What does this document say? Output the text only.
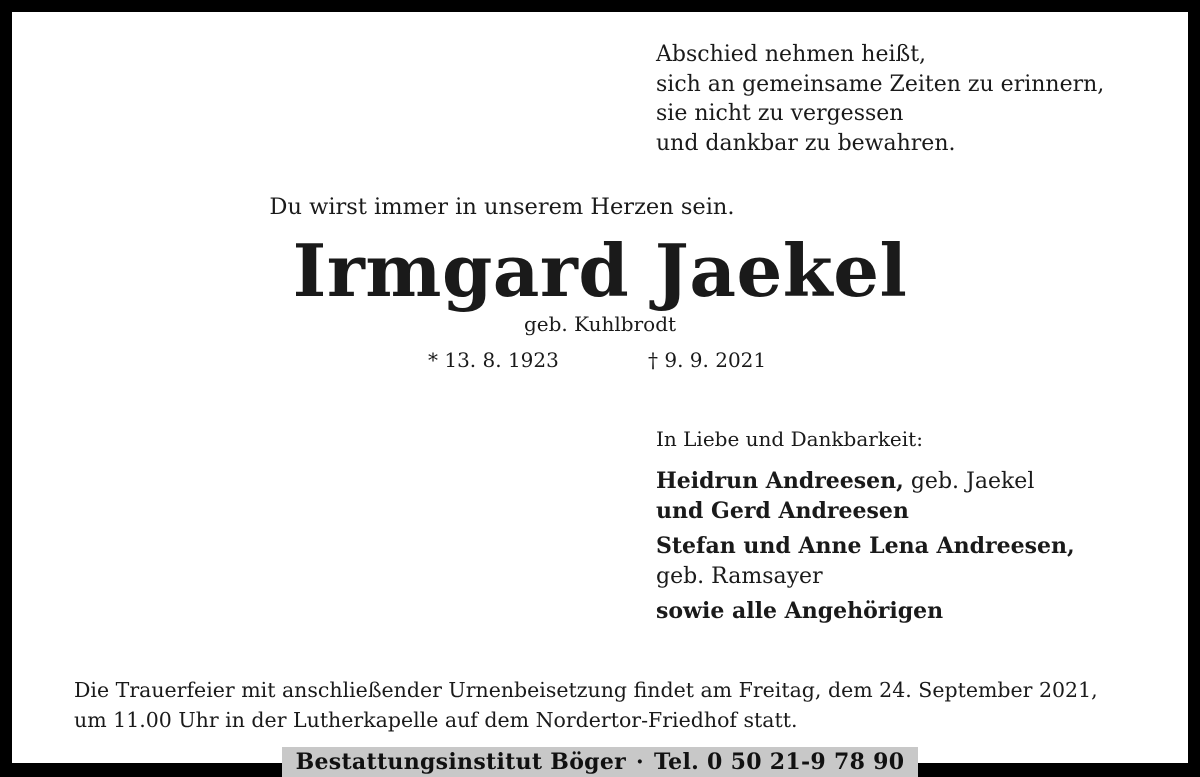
Abschied nehmen heißt,
sich an gemeinsame Zeiten zu erinnern,
sie nicht zu vergessen
und dankbar zu bewahren.
Du wirst immer in unserem Herzen sein.
Irmgard Jaekel
geb. Kuhlbrodt
* 13. 8. 1923	† 9. 9. 2021
In Liebe und Dankbarkeit:
Heidrun Andreesen, geb. Jaekel
und Gerd Andreesen
Stefan und Anne Lena Andreesen,
geb. Ramsayer
sowie alle Angehörigen
Die Trauerfeier mit anschließender Urnenbeisetzung findet am Freitag, dem 24. September 2021,
um 11.00 Uhr in der Lutherkapelle auf dem Nordertor-Friedhof statt.
Bestattungsinstitut Böger · Tel. 0 50 21-9 78 90
